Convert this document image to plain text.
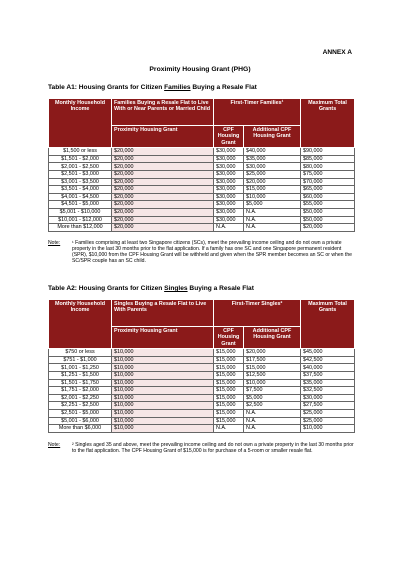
ANNEX A
Proximity Housing Grant (PHG)
Table A1: Housing Grants for Citizen Families Buying a Resale Flat
Monthly Household Income	Families Buying a Resale Flat to Live With or Near Parents or Married Child	First-Timer Families¹		Maximum Total Grants
	Proximity Housing Grant	CPF Housing Grant	Additional CPF Housing Grant	
$1,500 or less	$20,000	$30,000	$40,000	$90,000
$1,501 - $2,000	$20,000	$30,000	$35,000	$85,000
$2,001 - $2,500	$20,000	$30,000	$30,000	$80,000
$2,501 - $3,000	$20,000	$30,000	$25,000	$75,000
$3,001 - $3,500	$20,000	$30,000	$20,000	$70,000
$3,501 - $4,000	$20,000	$30,000	$15,000	$65,000
$4,001 - $4,500	$20,000	$30,000	$10,000	$60,000
$4,501 - $5,000	$20,000	$30,000	$5,000	$55,000
$5,001 - $10,000	$20,000	$30,000	N.A.	$50,000
$10,001 - $12,000	$20,000	$30,000	N.A.	$50,000
More than $12,000	$20,000	N.A.	N.A.	$20,000
Note: ¹ Families comprising at least two Singapore citizens (SCs), meet the prevailing income ceiling and do not own a private property in the last 30 months prior to the flat application. If a family has one SC and one Singapore permanent resident (SPR), $10,000 from the CPF Housing Grant will be withheld and given when the SPR member becomes an SC or when the SC/SPR couple has an SC child.
Table A2: Housing Grants for Citizen Singles Buying a Resale Flat
Monthly Household Income	Singles Buying a Resale Flat to Live With Parents	First-Timer Singles²		Maximum Total Grants
	Proximity Housing Grant	CPF Housing Grant	Additional CPF Housing Grant	
$750 or less	$10,000	$15,000	$20,000	$45,000
$751 - $1,000	$10,000	$15,000	$17,500	$42,500
$1,001 - $1,250	$10,000	$15,000	$15,000	$40,000
$1,251 - $1,500	$10,000	$15,000	$12,500	$37,500
$1,501 - $1,750	$10,000	$15,000	$10,000	$35,000
$1,751 - $2,000	$10,000	$15,000	$7,500	$32,500
$2,001 - $2,250	$10,000	$15,000	$5,000	$30,000
$2,251 - $2,500	$10,000	$15,000	$2,500	$27,500
$2,501 - $5,000	$10,000	$15,000	N.A.	$25,000
$5,001 - $6,000	$10,000	$15,000	N.A.	$25,000
More than $6,000	$10,000	N.A.	N.A.	$10,000
Note: ² Singles aged 35 and above, meet the prevailing income ceiling and do not own a private property in the last 30 months prior to the flat application. The CPF Housing Grant of $15,000 is for purchase of a 5-room or smaller resale flat.
